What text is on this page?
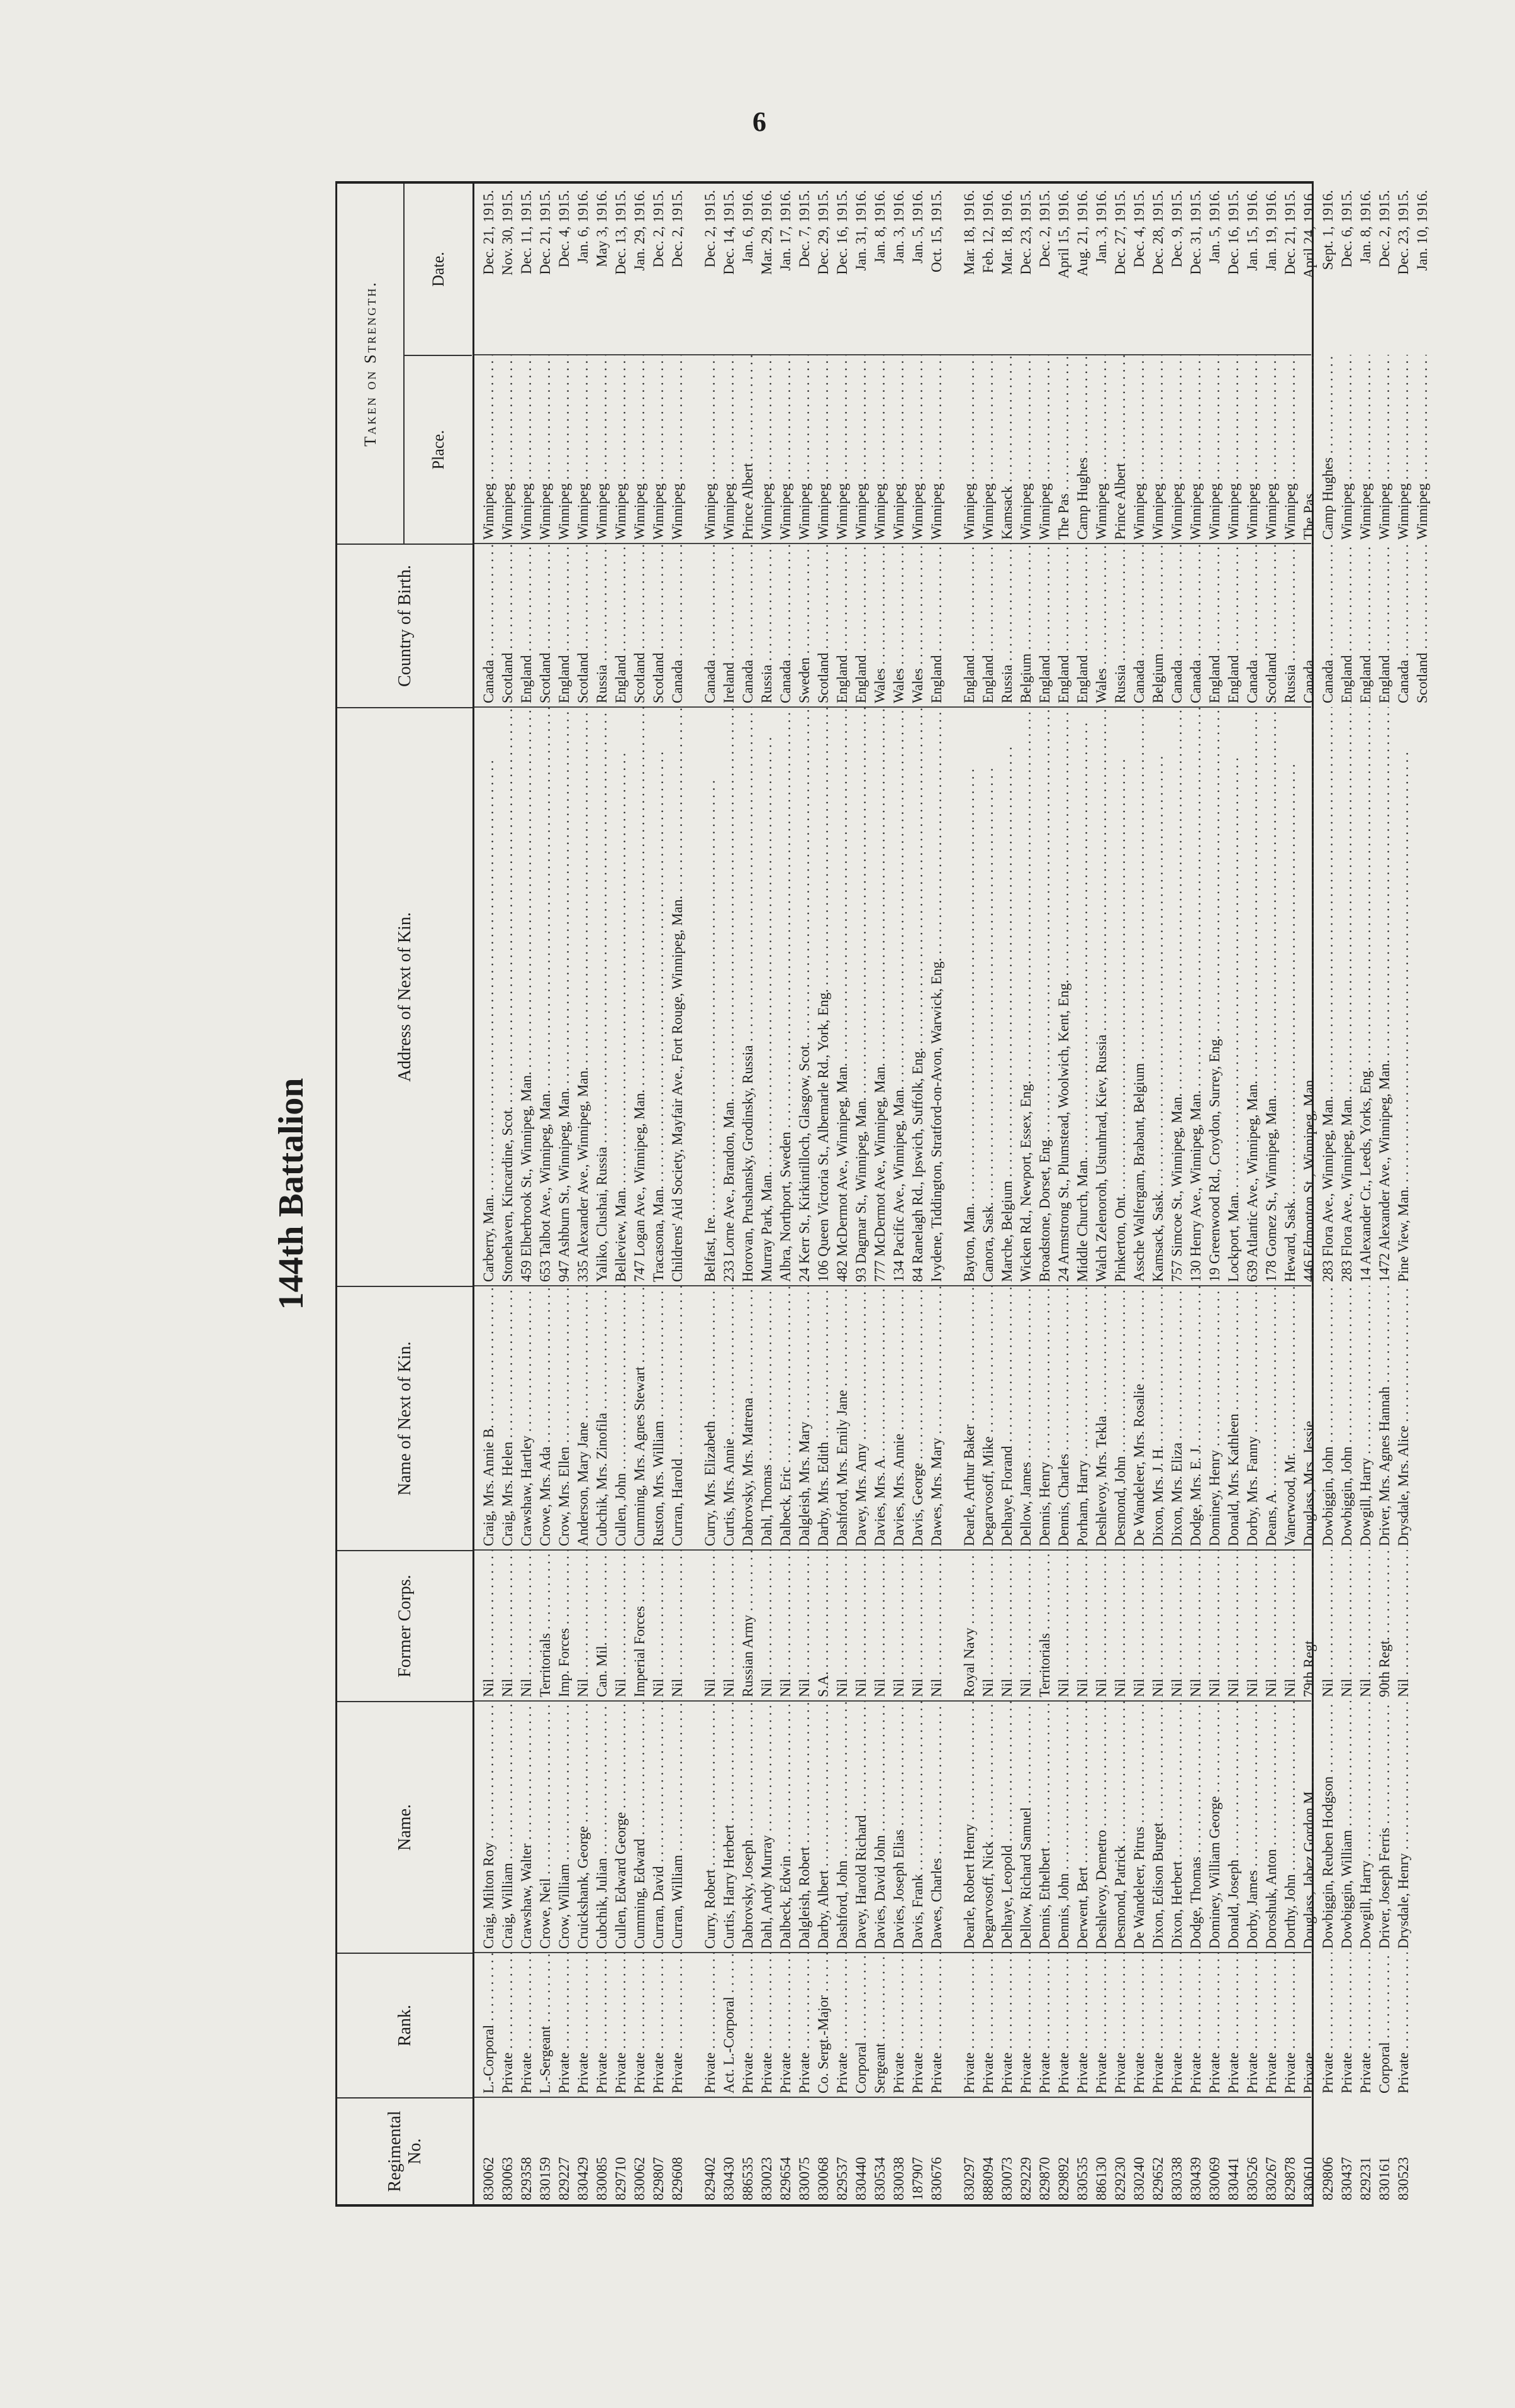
6
144th Battalion
Regimental No.
Rank.
Name.
Former Corps.
Name of Next of Kin.
Address of Next of Kin.
Country of Birth.
Taken on Strength.
Place.
Date.
830062
L.-Corporal . . .
Craig, Milton Roy . . .
Nil . . .
Craig, Mrs. Annie B. . . .
Carberry, Man. . . .
Canada . . .
Winnipeg . . .
Dec. 21, 1915.
830063
Private . . .
Craig, William . . .
Nil . . .
Craig, Mrs. Helen . . .
Stonehaven, Kincardine, Scot. . . .
Scotland . . .
Winnipeg . . .
Nov. 30, 1915.
829358
Private . . .
Crawshaw, Walter . . .
Nil . . .
Crawshaw, Hartley . . .
459 Elberbrook St., Winnipeg, Man. . . .
England . . .
Winnipeg . . .
Dec. 11, 1915.
830159
L.-Sergeant . . .
Crowe, Neil . . .
Territorials . . .
Crowe, Mrs. Ada . . .
653 Talbot Ave., Winnipeg, Man. . . .
Scotland . . .
Winnipeg . . .
Dec. 21, 1915.
829227
Private . . .
Crow, William . . .
Imp. Forces . . .
Crow, Mrs. Ellen . . .
947 Ashburn St., Winnipeg, Man. . . .
England . . .
Winnipeg . . .
Dec. 4, 1915.
830429
Private . . .
Cruickshank, George . . .
Nil . . .
Anderson, Mary Jane . . .
335 Alexander Ave., Winnipeg, Man. . . .
Scotland . . .
Winnipeg . . .
Jan. 6, 1916.
830085
Private . . .
Cubchik, Julian . . .
Can. Mil. . . .
Cubchik, Mrs. Zinofila . . .
Yaliko, Clushai, Russia . . .
Russia . . .
Winnipeg . . .
May 3, 1916.
829710
Private . . .
Cullen, Edward George . . .
Nil . . .
Cullen, John . . .
Belleview, Man. . . .
England . . .
Winnipeg . . .
Dec. 13, 1915.
830062
Private . . .
Cumming, Edward . . .
Imperial Forces . . .
Cumming, Mrs. Agnes Stewart . . .
747 Logan Ave., Winnipeg, Man. . . .
Scotland . . .
Winnipeg . . .
Jan. 29, 1916.
829807
Private . . .
Curran, David . . .
Nil . . .
Ruston, Mrs. William . . .
Tracasona, Man. . . .
Scotland . . .
Winnipeg . . .
Dec. 2, 1915.
829608
Private . . .
Curran, William . . .
Nil . . .
Curran, Harold . . .
Childrens' Aid Society, Mayfair Ave., Fort Rouge, Winnipeg, Man. . . .
Canada . . .
Winnipeg . . .
Dec. 2, 1915.
829402
Private . . .
Curry, Robert . . .
Nil . . .
Curry, Mrs. Elizabeth . . .
Belfast, Ire. . . .
Canada . . .
Winnipeg . . .
Dec. 2, 1915.
830430
Act. L.-Corporal . . .
Curtis, Harry Herbert . . .
Nil . . .
Curtis, Mrs. Annie . . .
233 Lorne Ave., Brandon, Man. . . .
Ireland . . .
Winnipeg . . .
Dec. 14, 1915.
886535
Private . . .
Dabrovsky, Joseph . . .
Russian Army . . .
Dabrovsky, Mrs. Matrena . . .
Horovan, Prushansky, Grodinsky, Russia . . .
Canada . . .
Prince Albert . . .
Jan. 6, 1916.
830023
Private . . .
Dahl, Andy Murray . . .
Nil . . .
Dahl, Thomas . . .
Murray Park, Man. . . .
Russia . . .
Winnipeg . . .
Mar. 29, 1916.
829654
Private . . .
Dalbeck, Edwin . . .
Nil . . .
Dalbeck, Eric . . .
Albra, Northport, Sweden . . .
Canada . . .
Winnipeg . . .
Jan. 17, 1916.
830075
Private . . .
Dalgleish, Robert . . .
Nil . . .
Dalgleish, Mrs. Mary . . .
24 Kerr St., Kirkintilloch, Glasgow, Scot. . . .
Sweden . . .
Winnipeg . . .
Dec. 7, 1915.
830068
Co. Sergt.-Major . . .
Darby, Albert . . .
S.A. . . .
Darby, Mrs. Edith . . .
106 Queen Victoria St., Albemarle Rd., York, Eng. . . .
Scotland . . .
Winnipeg . . .
Dec. 29, 1915.
829537
Private . . .
Dashford, John . . .
Nil . . .
Dashford, Mrs. Emily Jane . . .
482 McDermot Ave., Winnipeg, Man. . . .
England . . .
Winnipeg . . .
Dec. 16, 1915.
830440
Corporal . . .
Davey, Harold Richard . . .
Nil . . .
Davey, Mrs. Amy . . .
93 Dagmar St., Winnipeg, Man. . . .
England . . .
Winnipeg . . .
Jan. 31, 1916.
830534
Sergeant . . .
Davies, David John . . .
Nil . . .
Davies, Mrs. A. . . .
777 McDermot Ave., Winnipeg, Man. . . .
Wales . . .
Winnipeg . . .
Jan. 8, 1916.
830038
Private . . .
Davies, Joseph Elias . . .
Nil . . .
Davies, Mrs. Annie . . .
134 Pacific Ave., Winnipeg, Man. . . .
Wales . . .
Winnipeg . . .
Jan. 3, 1916.
187907
Private . . .
Davis, Frank . . .
Nil . . .
Davis, George . . .
84 Ranelagh Rd., Ipswich, Suffolk, Eng. . . .
Wales . . .
Winnipeg . . .
Jan. 5, 1916.
830676
Private . . .
Dawes, Charles . . .
Nil . . .
Dawes, Mrs. Mary . . .
Ivydene, Tiddington, Stratford-on-Avon, Warwick, Eng. . . .
England . . .
Winnipeg . . .
Oct. 15, 1915.
830297
Private . . .
Dearle, Robert Henry . . .
Royal Navy . . .
Dearle, Arthur Baker . . .
Bayton, Man. . . .
England . . .
Winnipeg . . .
Mar. 18, 1916.
888094
Private . . .
Degarvosoff, Nick . . .
Nil . . .
Degarvosoff, Mike . . .
Canora, Sask. . . .
England . . .
Winnipeg . . .
Feb. 12, 1916.
830073
Private . . .
Delhaye, Leopold . . .
Nil . . .
Delhaye, Florand . . .
Marche, Belgium . . .
Russia . . .
Kamsack . . .
Mar. 18, 1916.
829229
Private . . .
Dellow, Richard Samuel . . .
Nil . . .
Dellow, James . . .
Wicken Rd., Newport, Essex, Eng. . . .
Belgium . . .
Winnipeg . . .
Dec. 23, 1915.
829870
Private . . .
Dennis, Ethelbert . . .
Territorials . . .
Dennis, Henry . . .
Broadstone, Dorset, Eng. . . .
England . . .
Winnipeg . . .
Dec. 2, 1915.
829892
Private . . .
Dennis, John . . .
Nil . . .
Dennis, Charles . . .
24 Armstrong St., Plumstead, Woolwich, Kent, Eng. . . .
England . . .
The Pas . . .
April 15, 1916.
830535
Private . . .
Derwent, Bert . . .
Nil . . .
Porham, Harry . . .
Middle Church, Man. . . .
England . . .
Camp Hughes . . .
Aug. 21, 1916.
886130
Private . . .
Deshlevoy, Demetro . . .
Nil . . .
Deshlevoy, Mrs. Tekla . . .
Walch Zelenoroh, Ustunhrad, Kiev, Russia . . .
Wales . . .
Winnipeg . . .
Jan. 3, 1916.
829230
Private . . .
Desmond, Patrick . . .
Nil . . .
Desmond, John . . .
Pinkerton, Ont. . . .
Russia . . .
Prince Albert . . .
Dec. 27, 1915.
830240
Private . . .
De Wandeleer, Pitrus . . .
Nil . . .
De Wandeleer, Mrs. Rosalie . . .
Assche Walfergam, Brabant, Belgium . . .
Canada . . .
Winnipeg . . .
Dec. 4, 1915.
829652
Private . . .
Dixon, Edison Burget . . .
Nil . . .
Dixon, Mrs. J. H. . . .
Kamsack, Sask. . . .
Belgium . . .
Winnipeg . . .
Dec. 28, 1915.
830338
Private . . .
Dixon, Herbert . . .
Nil . . .
Dixon, Mrs. Eliza . . .
757 Simcoe St., Winnipeg, Man. . . .
Canada . . .
Winnipeg . . .
Dec. 9, 1915.
830439
Private . . .
Dodge, Thomas . . .
Nil . . .
Dodge, Mrs. E. J. . . .
130 Henry Ave., Winnipeg, Man. . . .
Canada . . .
Winnipeg . . .
Dec. 31, 1915.
830069
Private . . .
Dominey, William George . . .
Nil . . .
Dominey, Henry . . .
19 Greenwood Rd., Croydon, Surrey, Eng. . . .
England . . .
Winnipeg . . .
Jan. 5, 1916.
830441
Private . . .
Donald, Joseph . . .
Nil . . .
Donald, Mrs. Kathleen . . .
Lockport, Man. . . .
England . . .
Winnipeg . . .
Dec. 16, 1915.
830526
Private . . .
Dorby, James . . .
Nil . . .
Dorby, Mrs. Fanny . . .
639 Atlantic Ave., Winnipeg, Man. . . .
Canada . . .
Winnipeg . . .
Jan. 15, 1916.
830267
Private . . .
Doroshuk, Anton . . .
Nil . . .
Deans, A. . . .
178 Gomez St., Winnipeg, Man. . . .
Scotland . . .
Winnipeg . . .
Jan. 19, 1916.
829878
Private . . .
Dorthy, John . . .
Nil . . .
Vanerwood, Mr. . . .
Heward, Sask. . . .
Russia . . .
Winnipeg . . .
Dec. 21, 1915.
830610
Private . . .
Douglass, Jabez Gordon M. . . .
79th Regt. . . .
Douglass, Mrs. Jessie . . .
446 Edmonton St., Winnipeg, Man. . . .
Canada . . .
The Pas . . .
April 24, 1916.
829806
Private . . .
Dowbiggin, Reuben Hodgson . . .
Nil . . .
Dowbiggin, John . . .
283 Flora Ave., Winnipeg, Man. . . .
Canada . . .
Camp Hughes . . .
Sept. 1, 1916.
830437
Private . . .
Dowbiggin, William . . .
Nil . . .
Dowbiggin, John . . .
283 Flora Ave., Winnipeg, Man. . . .
England . . .
Winnipeg . . .
Dec. 6, 1915.
829231
Private . . .
Dowgill, Harry . . .
Nil . . .
Dowgill, Harry . . .
14 Alexander Cr., Leeds, Yorks, Eng. . . .
England . . .
Winnipeg . . .
Jan. 8, 1916.
830161
Corporal . . .
Driver, Joseph Ferris . . .
90th Regt. . . .
Driver, Mrs. Agnes Hannah . . .
1472 Alexander Ave., Winnipeg, Man. . . .
England . . .
Winnipeg . . .
Dec. 2, 1915.
830523
Private . . .
Drysdale, Henry . . .
Nil . . .
Drysdale, Mrs. Alice . . .
Pine View, Man. . . .
Canada . . .
Winnipeg . . .
Dec. 23, 1915.
Scotland . . .
Winnipeg . . .
Jan. 10, 1916.
